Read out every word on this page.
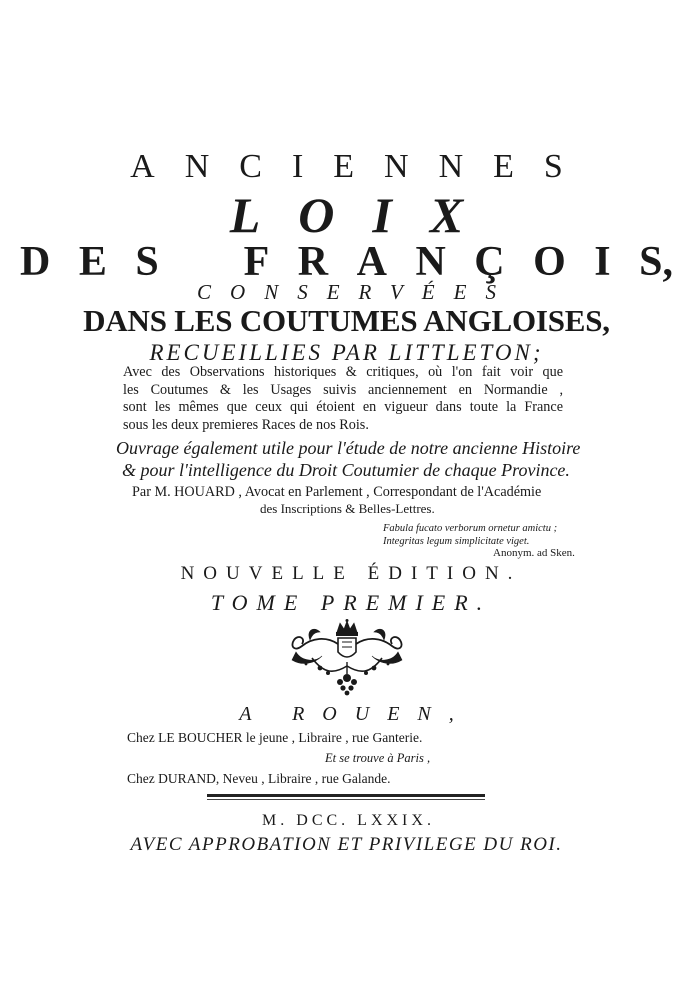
ANCIENNES
LOIX
D E S F R A N Ç O I S,
CONSERVÉES
DANS LES COUTUMES ANGLOISES,
RECUEILLIES PAR LITTLETON;
Avec des Observations historiques & critiques, où l'on fait voir que
les Coutumes & les Usages suivis anciennement en Normandie ,
sont les mêmes que ceux qui étoient en vigueur dans toute la France
sous les deux premieres Races de nos Rois.
Ouvrage également utile pour l'étude de notre ancienne Histoire
& pour l'intelligence du Droit Coutumier de chaque Province.
Par M. HOUARD , Avocat en Parlement , Correspondant de l'Académie
des Inscriptions & Belles-Lettres.
Fabula fucato verborum ornetur amictu ;
Integritas legum simplicitate viget.
Anonym. ad Sken.
NOUVELLE ÉDITION.
TOME PREMIER.
A ROUEN,
Chez LE BOUCHER le jeune , Libraire , rue Ganterie.
Et se trouve à Paris ,
Chez DURAND, Neveu , Libraire , rue Galande.
M. DCC. LXXIX.
AVEC APPROBATION ET PRIVILEGE DU ROI.
